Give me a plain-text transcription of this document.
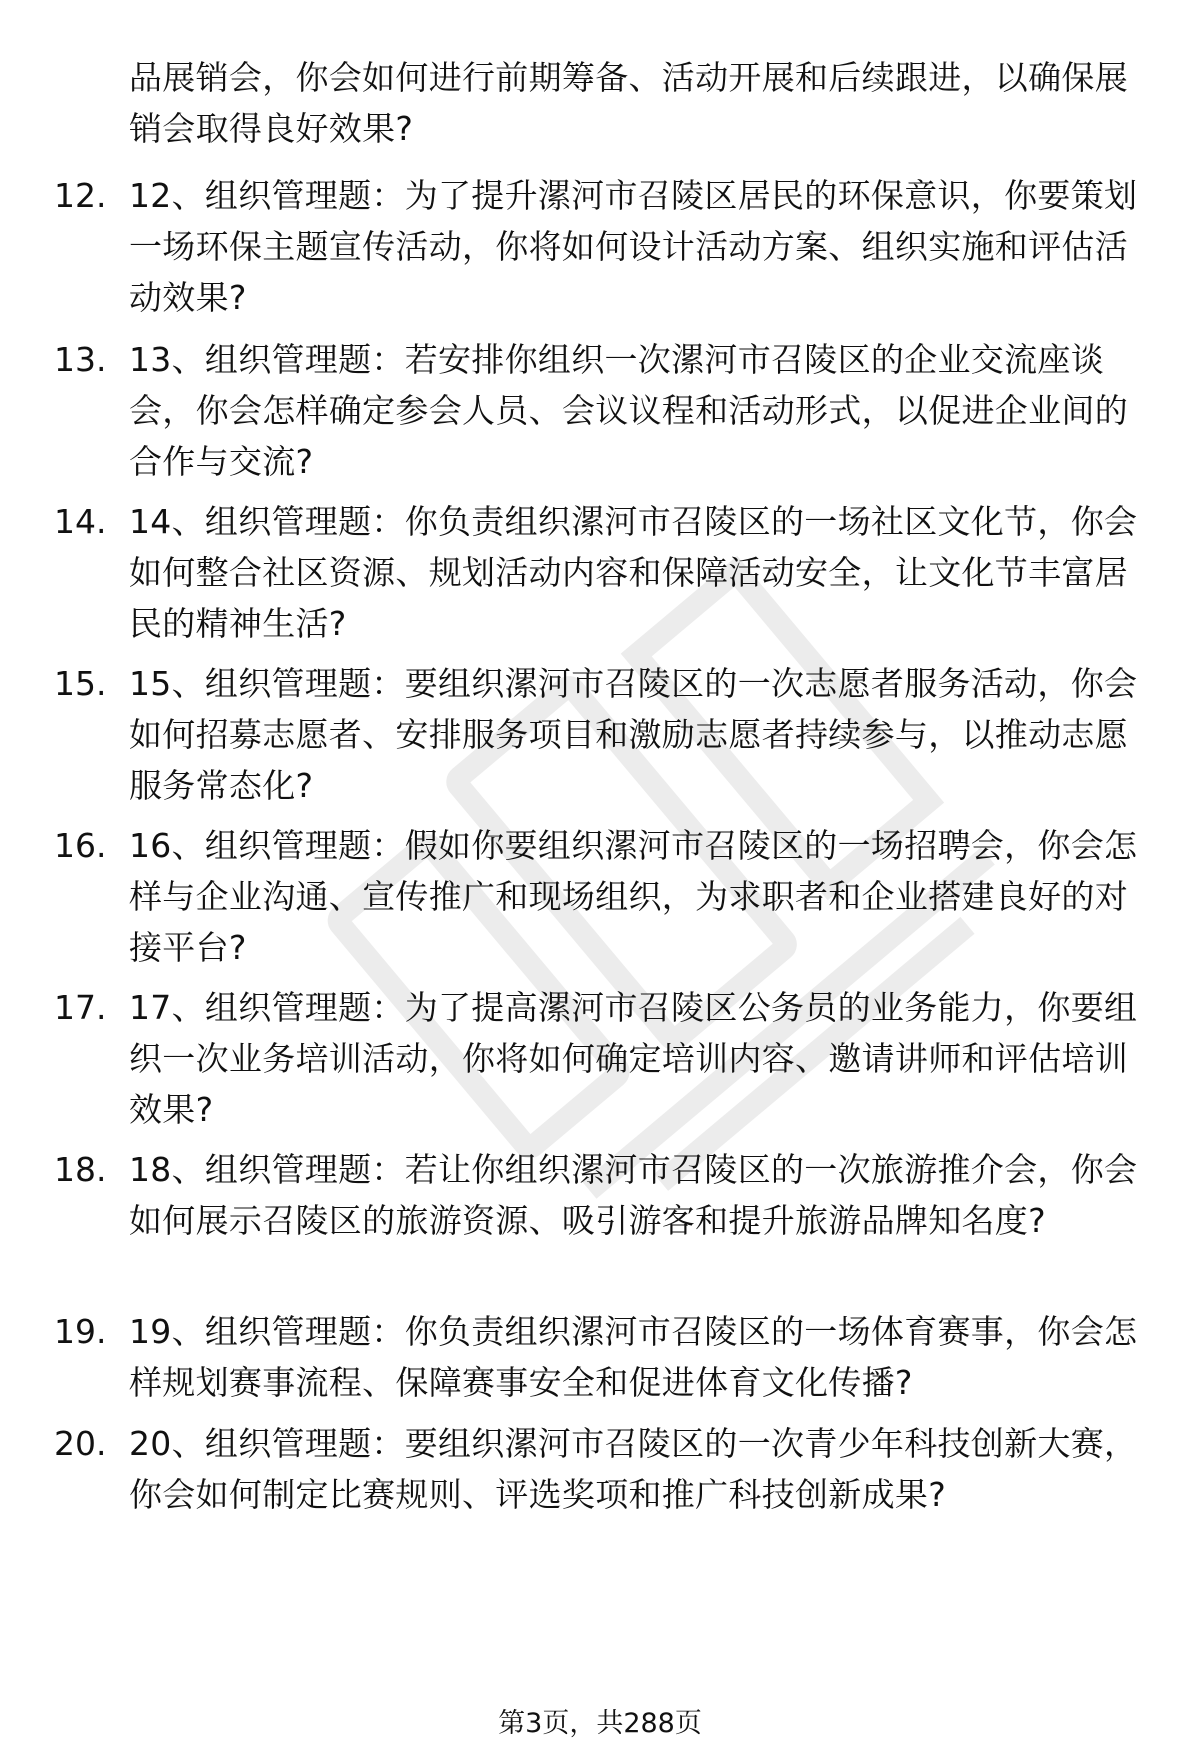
品展销会，你会如何进行前期筹备、活动开展和后续跟进，以确保展销会取得良好效果?
12. 12、组织管理题：为了提升漯河市召陵区居民的环保意识，你要策划一场环保主题宣传活动，你将如何设计活动方案、组织实施和评估活动效果?
13. 13、组织管理题：若安排你组织一次漯河市召陵区的企业交流座谈会，你会怎样确定参会人员、会议议程和活动形式，以促进企业间的合作与交流?
14. 14、组织管理题：你负责组织漯河市召陵区的一场社区文化节，你会如何整合社区资源、规划活动内容和保障活动安全，让文化节丰富居民的精神生活?
15. 15、组织管理题：要组织漯河市召陵区的一次志愿者服务活动，你会如何招募志愿者、安排服务项目和激励志愿者持续参与，以推动志愿服务常态化?
16. 16、组织管理题：假如你要组织漯河市召陵区的一场招聘会，你会怎样与企业沟通、宣传推广和现场组织，为求职者和企业搭建良好的对接平台?
17. 17、组织管理题：为了提高漯河市召陵区公务员的业务能力，你要组织一次业务培训活动，你将如何确定培训内容、邀请讲师和评估培训效果?
18. 18、组织管理题：若让你组织漯河市召陵区的一次旅游推介会，你会如何展示召陵区的旅游资源、吸引游客和提升旅游品牌知名度?
19. 19、组织管理题：你负责组织漯河市召陵区的一场体育赛事，你会怎样规划赛事流程、保障赛事安全和促进体育文化传播?
20. 20、组织管理题：要组织漯河市召陵区的一次青少年科技创新大赛，你会如何制定比赛规则、评选奖项和推广科技创新成果?
第3页，共288页
